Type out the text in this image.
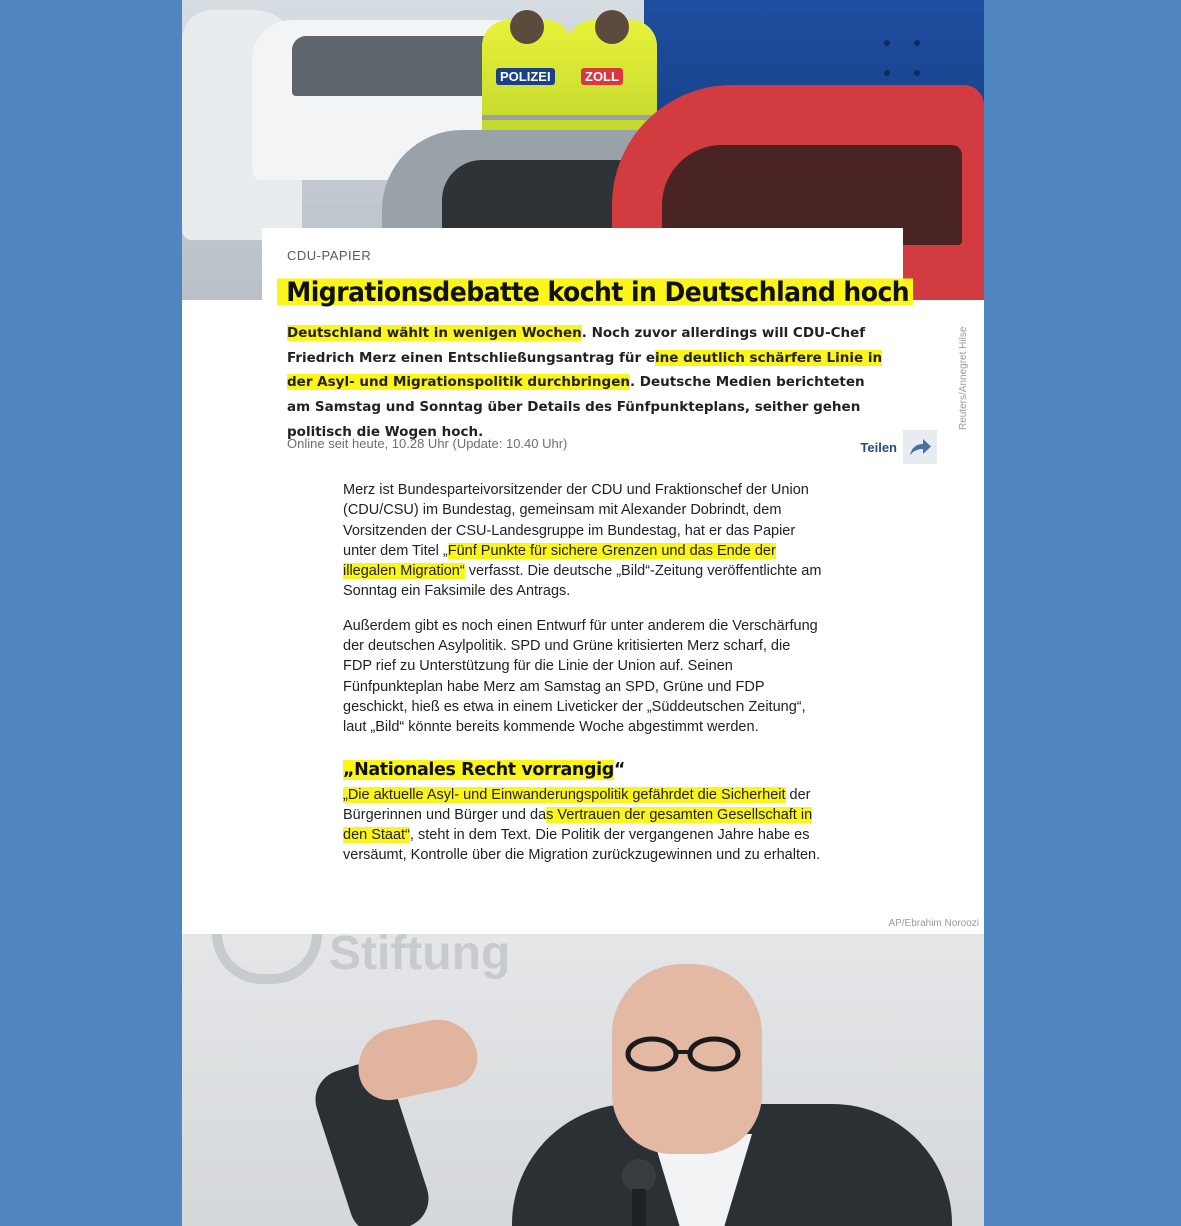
POLIZEI	ZOLL
Reuters/Annegret Hilse
CDU-PAPIER
Migrationsdebatte kocht in Deutschland hoch

Deutschland wählt in wenigen Wochen. Noch zuvor allerdings will CDU-Chef Friedrich Merz einen Entschließungsantrag für eine deutlich schärfere Linie in der Asyl- und Migrationspolitik durchbringen. Deutsche Medien berichteten am Samstag und Sonntag über Details des Fünfpunkteplans, seither gehen politisch die Wogen hoch.

Online seit heute, 10.28 Uhr (Update: 10.40 Uhr)	Teilen

Merz ist Bundesparteivorsitzender der CDU und Fraktionschef der Union (CDU/CSU) im Bundestag, gemeinsam mit Alexander Dobrindt, dem Vorsitzenden der CSU-Landesgruppe im Bundestag, hat er das Papier unter dem Titel „Fünf Punkte für sichere Grenzen und das Ende der illegalen Migration“ verfasst. Die deutsche „Bild“-Zeitung veröffentlichte am Sonntag ein Faksimile des Antrags.

Außerdem gibt es noch einen Entwurf für unter anderem die Verschärfung der deutschen Asylpolitik. SPD und Grüne kritisierten Merz scharf, die FDP rief zu Unterstützung für die Linie der Union auf. Seinen Fünfpunkteplan habe Merz am Samstag an SPD, Grüne und FDP geschickt, hieß es etwa in einem Liveticker der „Süddeutschen Zeitung“, laut „Bild“ könnte bereits kommende Woche abgestimmt werden.

„Nationales Recht vorrangig“

„Die aktuelle Asyl- und Einwanderungspolitik gefährdet die Sicherheit der Bürgerinnen und Bürger und das Vertrauen der gesamten Gesellschaft in den Staat“, steht in dem Text. Die Politik der vergangenen Jahre habe es versäumt, Kontrolle über die Migration zurückzugewinnen und zu erhalten.

AP/Ebrahim Noroozi
Stiftung
